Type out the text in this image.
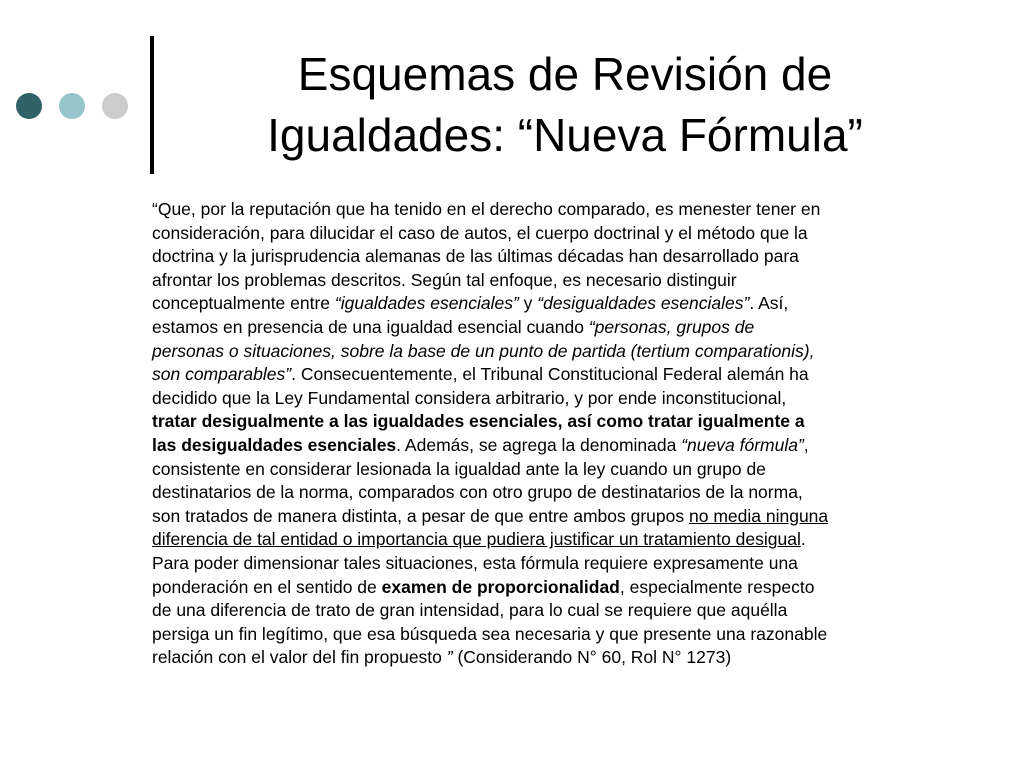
Esquemas de Revisión de
Igualdades: “Nueva Fórmula”
“Que, por la reputación que ha tenido en el derecho comparado, es menester tener en
consideración, para dilucidar el caso de autos, el cuerpo doctrinal y el método que la
doctrina y la jurisprudencia alemanas de las últimas décadas han desarrollado para
afrontar los problemas descritos. Según tal enfoque, es necesario distinguir
conceptualmente entre “igualdades esenciales” y “desigualdades esenciales”. Así,
estamos en presencia de una igualdad esencial cuando “personas, grupos de
personas o situaciones, sobre la base de un punto de partida (tertium comparationis),
son comparables”. Consecuentemente, el Tribunal Constitucional Federal alemán ha
decidido que la Ley Fundamental considera arbitrario, y por ende inconstitucional,
tratar desigualmente a las igualdades esenciales, así como tratar igualmente a
las desigualdades esenciales. Además, se agrega la denominada “nueva fórmula”,
consistente en considerar lesionada la igualdad ante la ley cuando un grupo de
destinatarios de la norma, comparados con otro grupo de destinatarios de la norma,
son tratados de manera distinta, a pesar de que entre ambos grupos no media ninguna
diferencia de tal entidad o importancia que pudiera justificar un tratamiento desigual.
Para poder dimensionar tales situaciones, esta fórmula requiere expresamente una
ponderación en el sentido de examen de proporcionalidad, especialmente respecto
de una diferencia de trato de gran intensidad, para lo cual se requiere que aquélla
persiga un fin legítimo, que esa búsqueda sea necesaria y que presente una razonable
relación con el valor del fin propuesto ” (Considerando N° 60, Rol N° 1273)
